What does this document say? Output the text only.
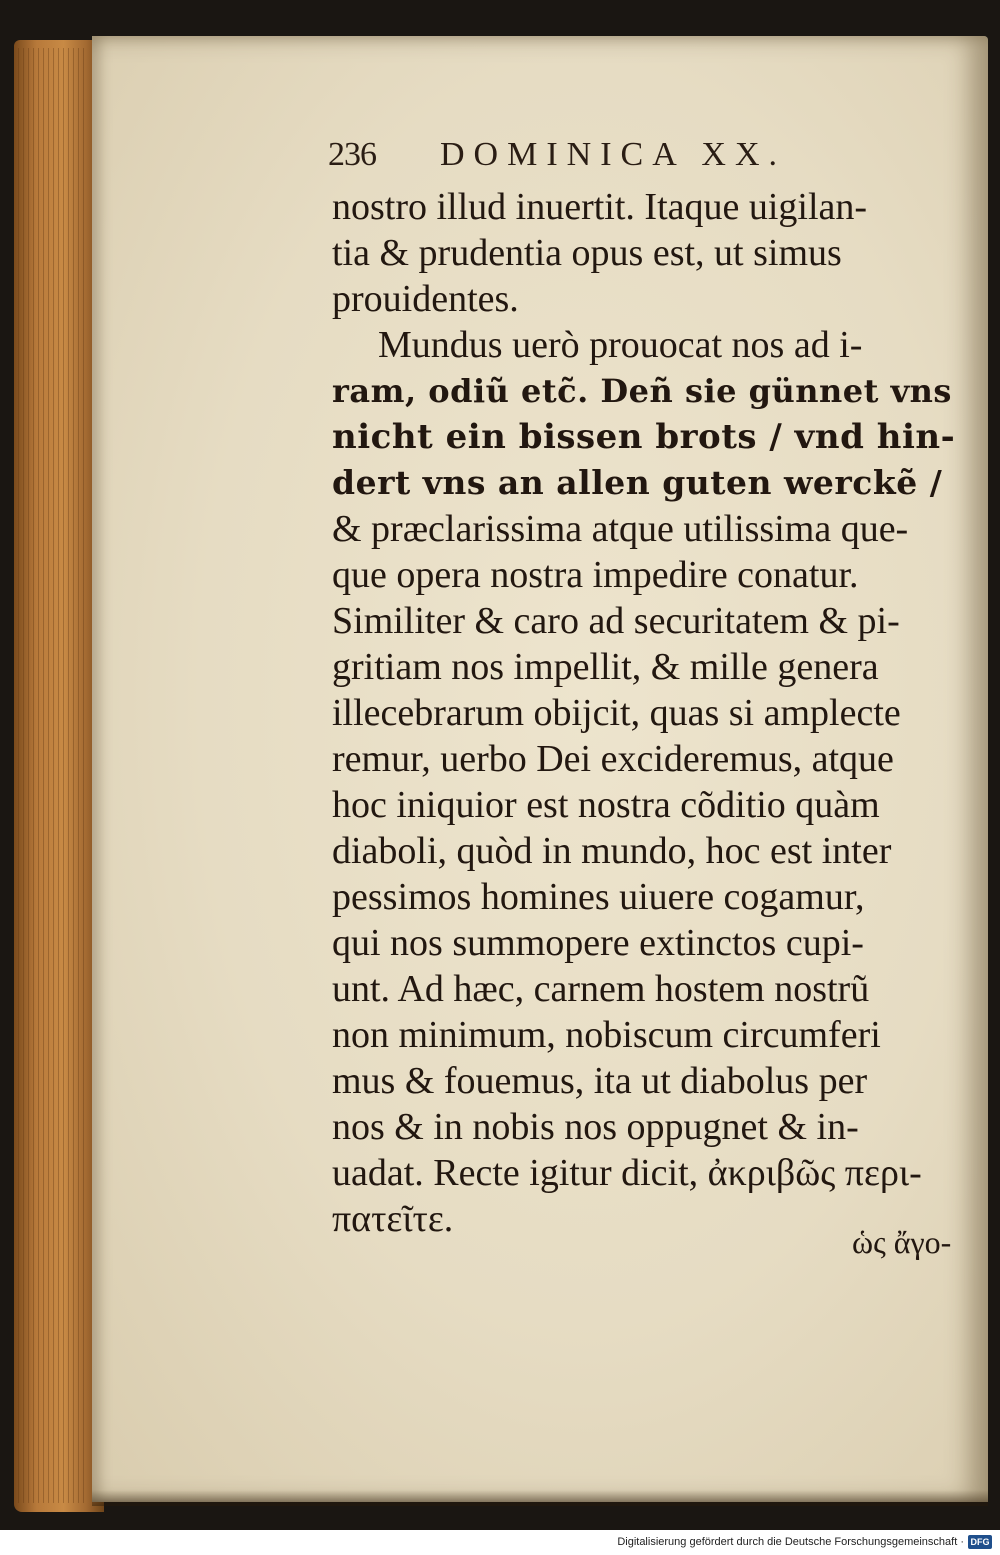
236 DOMINICA XX.
nostro illud inuertit. Itaque uigilan-
tia & prudentia opus est, ut simus
prouidentes.
Mundus uerò prouocat nos ad i-
ram, odiũ etc̃. Deñ sie günnet vns
nicht ein bissen brots / vnd hin-
dert vns an allen guten werckẽ /
& præclarissima atque utilissima que-
que opera nostra impedire conatur.
Similiter & caro ad securitatem & pi-
gritiam nos impellit, & mille genera
illecebrarum obijcit, quas si amplecte
remur, uerbo Dei excideremus, atque
hoc iniquior est nostra cõditio quàm
diaboli, quòd in mundo, hoc est inter
pessimos homines uiuere cogamur,
qui nos summopere extinctos cupi-
unt. Ad hæc, carnem hostem nostrũ
non minimum, nobiscum circumferi
mus & fouemus, ita ut diabolus per
nos & in nobis nos oppugnet & in-
uadat. Recte igitur dicit, ἀκριβῶς περι-
πατεῖτε.
ὡς ἄγο-
Digitalisierung gefördert durch die Deutsche Forschungsgemeinschaft · DFG
